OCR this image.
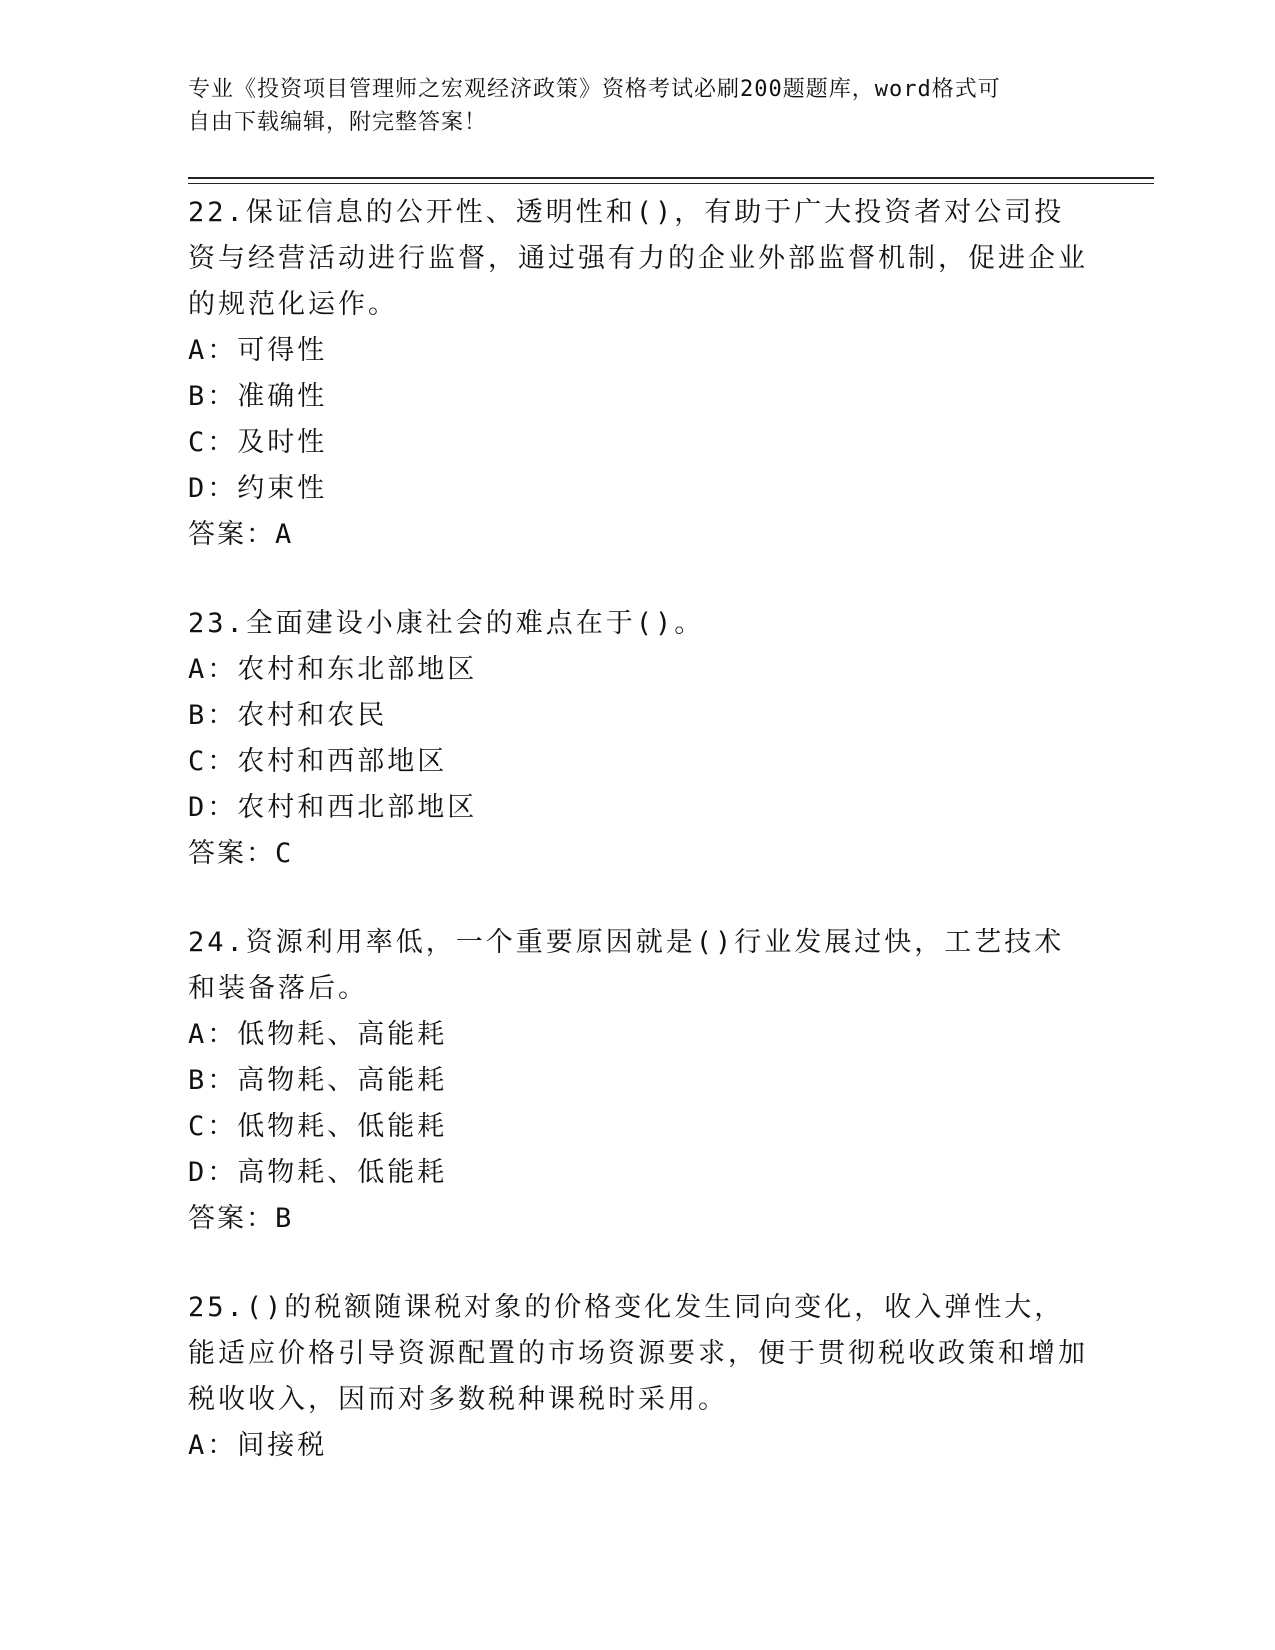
专业《投资项目管理师之宏观经济政策》资格考试必刷200题题库，word格式可
自由下载编辑，附完整答案！
22.保证信息的公开性、透明性和()，有助于广大投资者对公司投资与经营活动进行监督，通过强有力的企业外部监督机制，促进企业的规范化运作。
A：可得性
B：准确性
C：及时性
D：约束性
答案：A
23.全面建设小康社会的难点在于()。
A：农村和东北部地区
B：农村和农民
C：农村和西部地区
D：农村和西北部地区
答案：C
24.资源利用率低，一个重要原因就是()行业发展过快，工艺技术和装备落后。
A：低物耗、高能耗
B：高物耗、高能耗
C：低物耗、低能耗
D：高物耗、低能耗
答案：B
25.()的税额随课税对象的价格变化发生同向变化，收入弹性大，能适应价格引导资源配置的市场资源要求，便于贯彻税收政策和增加税收收入，因而对多数税种课税时采用。
A：间接税
